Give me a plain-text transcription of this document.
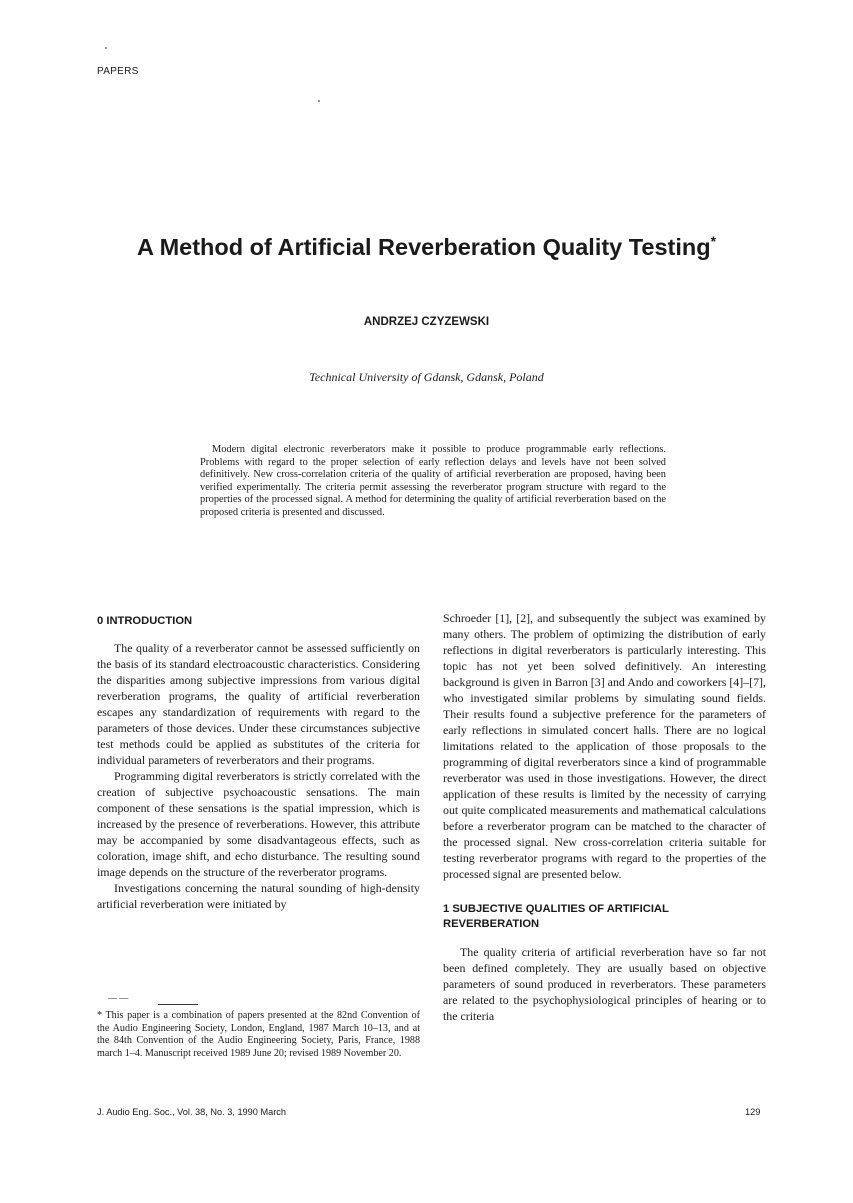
PAPERS
A Method of Artificial Reverberation Quality Testing*
ANDRZEJ CZYZEWSKI
Technical University of Gdansk, Gdansk, Poland

Modern digital electronic reverberators make it possible to produce programmable early reflections. Problems with regard to the proper selection of early reflection delays and levels have not been solved definitively. New cross-correlation criteria of the quality of artificial reverberation are proposed, having been verified experimentally. The criteria permit assessing the reverberator program structure with regard to the properties of the processed signal. A method for determining the quality of artificial reverberation based on the proposed criteria is presented and discussed.

0 INTRODUCTION

The quality of a reverberator cannot be assessed sufficiently on the basis of its standard electroacoustic characteristics. Considering the disparities among subjective impressions from various digital reverberation programs, the quality of artificial reverberation escapes any standardization of requirements with regard to the parameters of those devices. Under these circumstances subjective test methods could be applied as substitutes of the criteria for individual parameters of reverberators and their programs.

Programming digital reverberators is strictly correlated with the creation of subjective psychoacoustic sensations. The main component of these sensations is the spatial impression, which is increased by the presence of reverberations. However, this attribute may be accompanied by some disadvantageous effects, such as coloration, image shift, and echo disturbance. The resulting sound image depends on the structure of the reverberator programs.

Investigations concerning the natural sounding of high-density artificial reverberation were initiated by

— —

* This paper is a combination of papers presented at the 82nd Convention of the Audio Engineering Society, London, England, 1987 March 10–13, and at the 84th Convention of the Audio Engineering Society, Paris, France, 1988 march 1–4. Manuscript received 1989 June 20; revised 1989 November 20.

Schroeder [1], [2], and subsequently the subject was examined by many others. The problem of optimizing the distribution of early reflections in digital reverberators is particularly interesting. This topic has not yet been solved definitively. An interesting background is given in Barron [3] and Ando and coworkers [4]–[7], who investigated similar problems by simulating sound fields. Their results found a subjective preference for the parameters of early reflections in simulated concert halls. There are no logical limitations related to the application of those proposals to the programming of digital reverberators since a kind of programmable reverberator was used in those investigations. However, the direct application of these results is limited by the necessity of carrying out quite complicated measurements and mathematical calculations before a reverberator program can be matched to the character of the processed signal. New cross-correlation criteria suitable for testing reverberator programs with regard to the properties of the processed signal are presented below.

1 SUBJECTIVE QUALITIES OF ARTIFICIAL REVERBERATION

The quality criteria of artificial reverberation have so far not been defined completely. They are usually based on objective parameters of sound produced in reverberators. These parameters are related to the psychophysiological principles of hearing or to the criteria

J. Audio Eng. Soc., Vol. 38, No. 3, 1990 March	129
